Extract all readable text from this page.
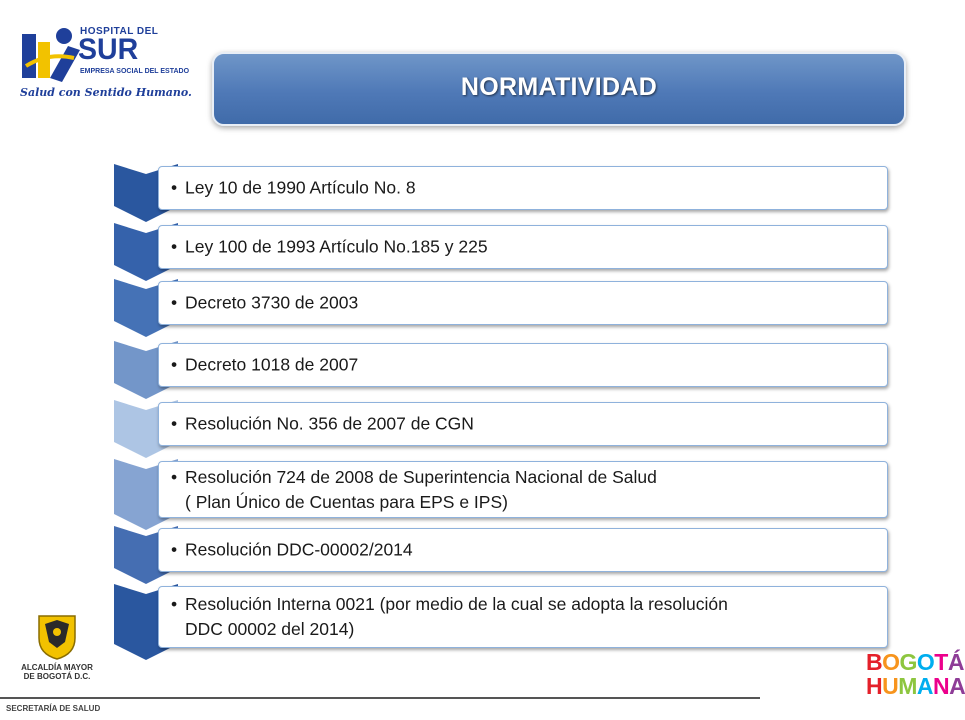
HOSPITAL DEL
SUR
EMPRESA SOCIAL DEL ESTADO
Salud con Sentido Humano.	NORMATIVIDAD
• Ley 10 de 1990 Artículo No. 8
• Ley 100 de 1993 Artículo No.185 y 225
• Decreto 3730 de 2003
• Decreto 1018 de 2007
• Resolución No. 356 de 2007 de CGN
• Resolución 724 de 2008 de Superintencia Nacional de Salud
( Plan Único de Cuentas para EPS e IPS)
• Resolución DDC-00002/2014
• Resolución Interna 0021 (por medio de la cual se adopta la resolución
DDC 00002 del 2014)
ALCALDÍA MAYOR
DE BOGOTÁ D.C.
SECRETARÍA DE SALUD
BOGOTÁ
HUMANA
